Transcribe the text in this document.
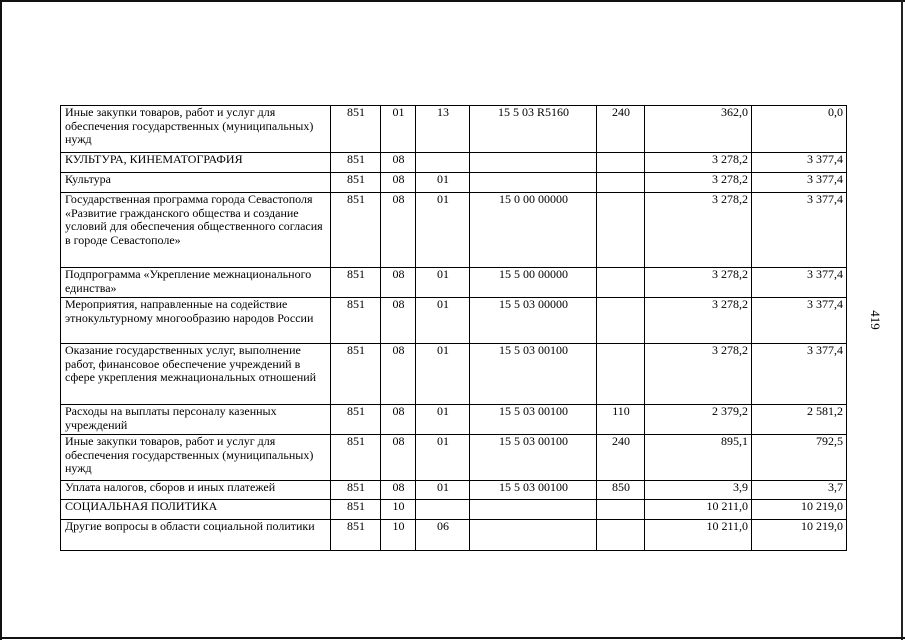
419
Иные закупки товаров, работ и услуг для обеспечения государственных (муниципальных) нужд	851	01	13	15 5 03 R5160	240	362,0	0,0
КУЛЬТУРА, КИНЕМАТОГРАФИЯ	851	08				3 278,2	3 377,4
Культура	851	08	01			3 278,2	3 377,4
Государственная программа города Севастополя «Развитие гражданского общества и создание условий для обеспечения общественного согласия в городе Севастополе»	851	08	01	15 0 00 00000		3 278,2	3 377,4
Подпрограмма «Укрепление межнационального единства»	851	08	01	15 5 00 00000		3 278,2	3 377,4
Мероприятия, направленные на содействие этнокультурному многообразию народов России	851	08	01	15 5 03 00000		3 278,2	3 377,4
Оказание государственных услуг, выполнение работ, финансовое обеспечение учреждений в сфере укрепления межнациональных отношений	851	08	01	15 5 03 00100		3 278,2	3 377,4
Расходы на выплаты персоналу казенных учреждений	851	08	01	15 5 03 00100	110	2 379,2	2 581,2
Иные закупки товаров, работ и услуг для обеспечения государственных (муниципальных) нужд	851	08	01	15 5 03 00100	240	895,1	792,5
Уплата налогов, сборов и иных платежей	851	08	01	15 5 03 00100	850	3,9	3,7
СОЦИАЛЬНАЯ ПОЛИТИКА	851	10				10 211,0	10 219,0
Другие вопросы в области социальной политики	851	10	06			10 211,0	10 219,0
